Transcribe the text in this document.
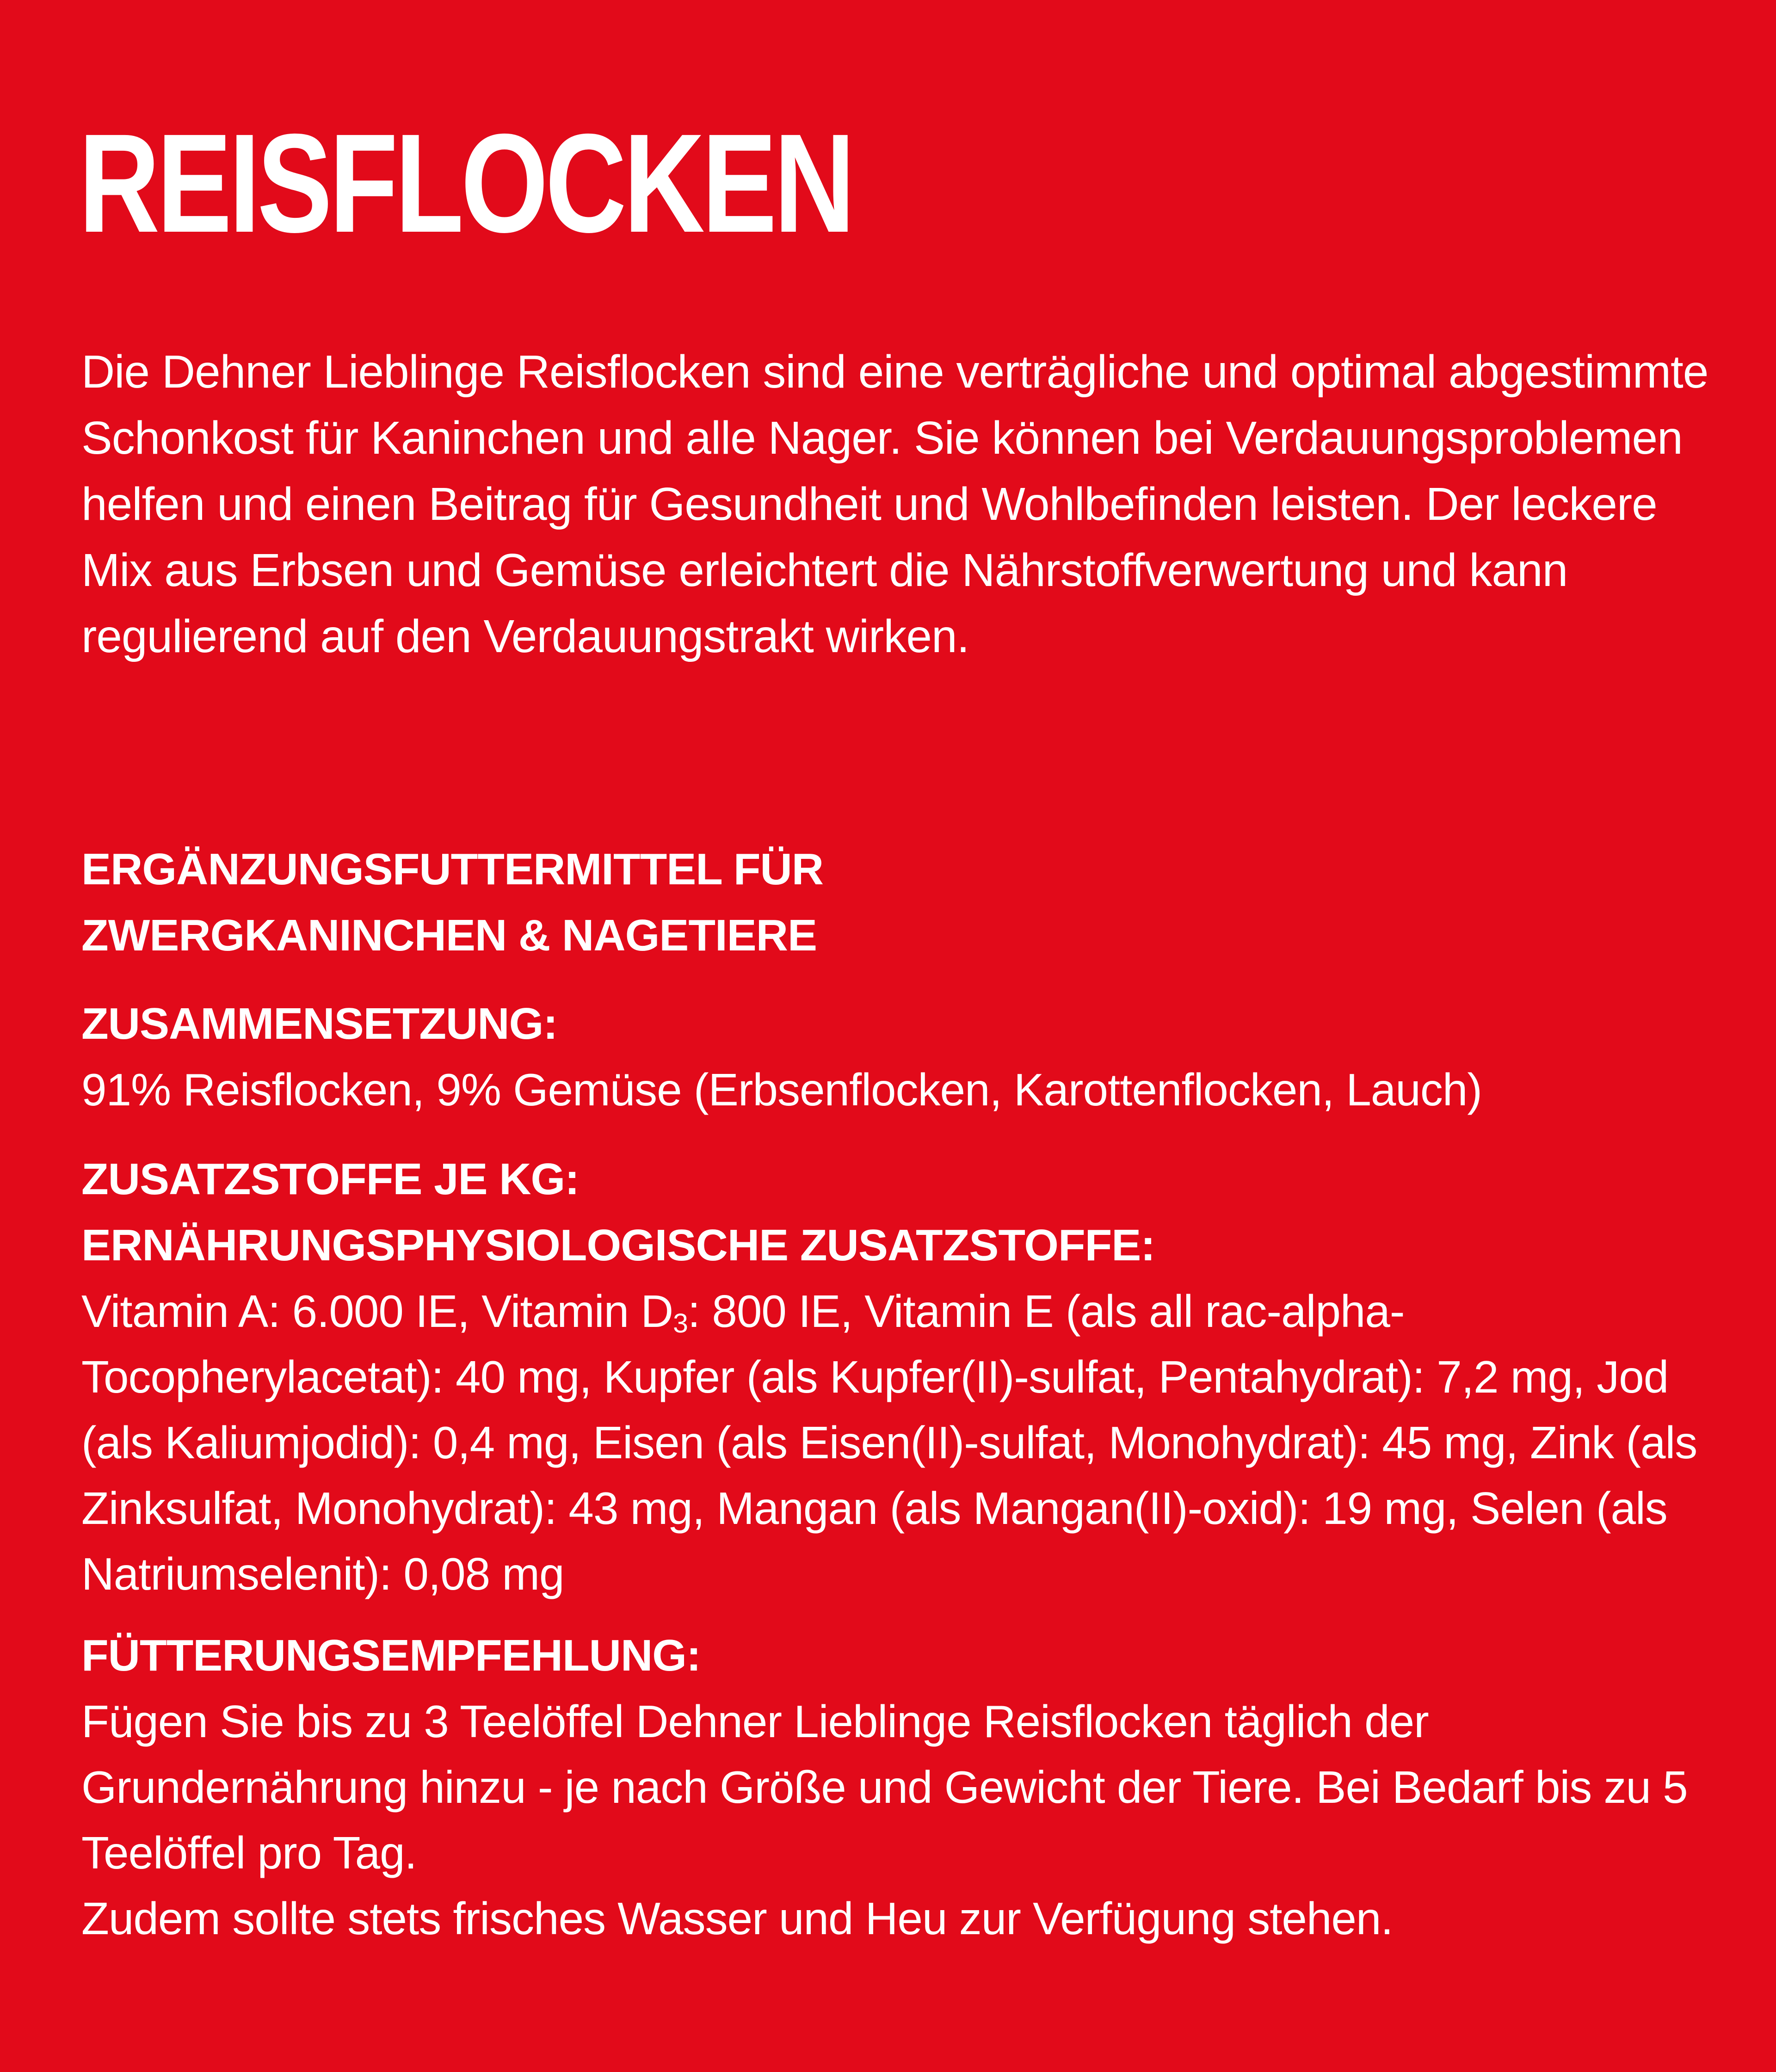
REISFLOCKEN

Die Dehner Lieblinge Reisflocken sind eine verträgliche und optimal abgestimmte Schonkost für Kaninchen und alle Nager. Sie können bei Verdauungsproblemen helfen und einen Beitrag für Gesundheit und Wohlbefinden leisten. Der leckere Mix aus Erbsen und Gemüse erleichtert die Nährstoffverwertung und kann regulierend auf den Verdauungstrakt wirken.

ERGÄNZUNGSFUTTERMITTEL FÜR
ZWERGKANINCHEN & NAGETIERE
ZUSAMMENSETZUNG:
91% Reisflocken, 9% Gemüse (Erbsenflocken, Karottenflocken, Lauch)
ZUSATZSTOFFE JE KG:
ERNÄHRUNGSPHYSIOLOGISCHE ZUSATZSTOFFE:
Vitamin A: 6.000 IE, Vitamin D3: 800 IE, Vitamin E (als all rac-alpha-Tocopherylacetat): 40 mg, Kupfer (als Kupfer(II)-sulfat, Pentahydrat): 7,2 mg, Jod (als Kaliumjodid): 0,4 mg, Eisen (als Eisen(II)-sulfat, Monohydrat): 45 mg, Zink (als Zinksulfat, Monohydrat): 43 mg, Mangan (als Mangan(II)-oxid): 19 mg, Selen (als Natriumselenit): 0,08 mg
FÜTTERUNGSEMPFEHLUNG:
Fügen Sie bis zu 3 Teelöffel Dehner Lieblinge Reisflocken täglich der Grundernährung hinzu - je nach Größe und Gewicht der Tiere. Bei Bedarf bis zu 5 Teelöffel pro Tag.
Zudem sollte stets frisches Wasser und Heu zur Verfügung stehen.
